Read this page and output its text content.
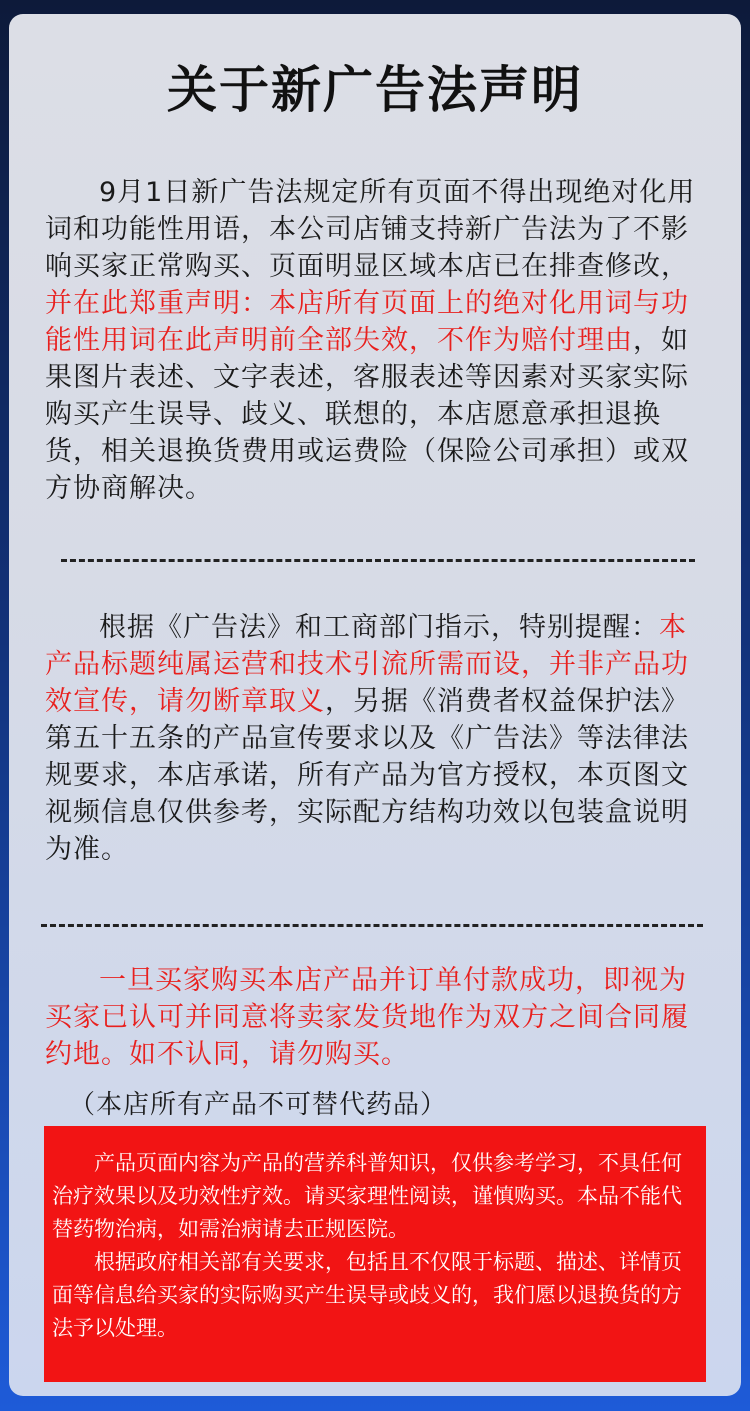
关于新广告法声明
9月1日新广告法规定所有页面不得出现绝对化用词和功能性用语，本公司店铺支持新广告法为了不影响买家正常购买、页面明显区域本店已在排查修改，并在此郑重声明：本店所有页面上的绝对化用词与功能性用词在此声明前全部失效，不作为赔付理由，如果图片表述、文字表述，客服表述等因素对买家实际购买产生误导、歧义、联想的，本店愿意承担退换货，相关退换货费用或运费险（保险公司承担）或双方协商解决。
根据《广告法》和工商部门指示，特别提醒：本产品标题纯属运营和技术引流所需而设，并非产品功效宣传，请勿断章取义，另据《消费者权益保护法》第五十五条的产品宣传要求以及《广告法》等法律法规要求，本店承诺，所有产品为官方授权，本页图文视频信息仅供参考，实际配方结构功效以包装盒说明为准。
一旦买家购买本店产品并订单付款成功，即视为买家已认可并同意将卖家发货地作为双方之间合同履约地。如不认同，请勿购买。
（本店所有产品不可替代药品）

产品页面内容为产品的营养科普知识，仅供参考学习，不具任何治疗效果以及功效性疗效。请买家理性阅读，谨慎购买。本品不能代替药物治病，如需治病请去正规医院。

根据政府相关部有关要求，包括且不仅限于标题、描述、详情页面等信息给买家的实际购买产生误导或歧义的，我们愿以退换货的方法予以处理。
